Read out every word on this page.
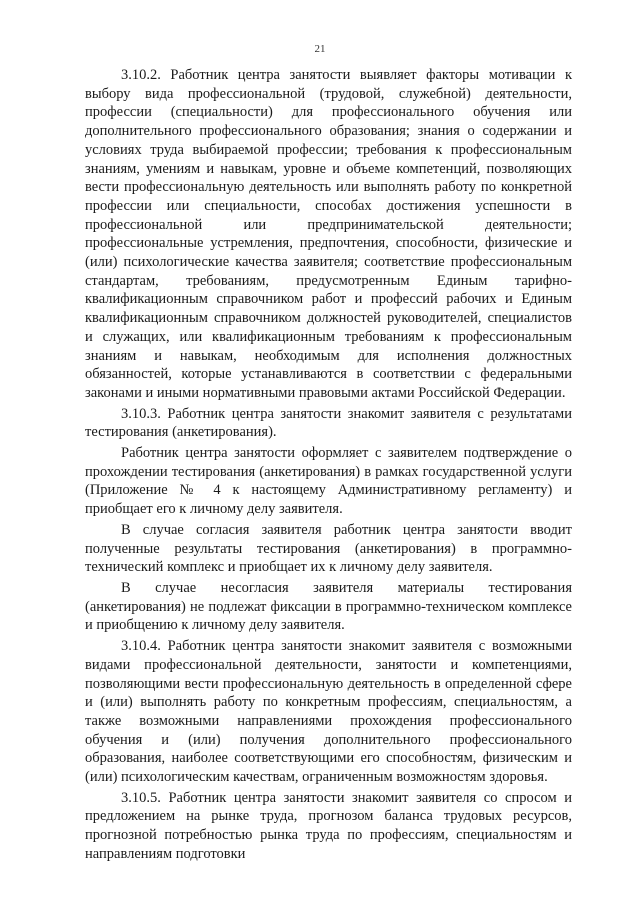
21

3.10.2. Работник центра занятости выявляет факторы мотивации к выбору вида профессиональной (трудовой, служебной) деятельности, профессии (специальности) для профессионального обучения или дополнительного профессионального образования; знания о содержании и условиях труда выбираемой профессии; требования к профессиональным знаниям, умениям и навыкам, уровне и объеме компетенций, позволяющих вести профессиональную деятельность или выполнять работу по конкретной профессии или специальности, способах достижения успешности в профессиональной или предпринимательской деятельности; профессиональные устремления, предпочтения, способности, физические и (или) психологические качества заявителя; соответствие профессиональным стандартам, требованиям, предусмотренным Единым тарифно-квалификационным справочником работ и профессий рабочих и Единым квалификационным справочником должностей руководителей, специалистов и служащих, или квалификационным требованиям к профессиональным знаниям и навыкам, необходимым для исполнения должностных обязанностей, которые устанавливаются в соответствии с федеральными законами и иными нормативными правовыми актами Российской Федерации.

3.10.3. Работник центра занятости знакомит заявителя с результатами тестирования (анкетирования).

Работник центра занятости оформляет с заявителем подтверждение о прохождении тестирования (анкетирования) в рамках государственной услуги (Приложение № 4 к настоящему Административному регламенту) и приобщает его к личному делу заявителя.

В случае согласия заявителя работник центра занятости вводит полученные результаты тестирования (анкетирования) в программно-технический комплекс и приобщает их к личному делу заявителя.

В случае несогласия заявителя материалы тестирования (анкетирования) не подлежат фиксации в программно-техническом комплексе и приобщению к личному делу заявителя.

3.10.4. Работник центра занятости знакомит заявителя с возможными видами профессиональной деятельности, занятости и компетенциями, позволяющими вести профессиональную деятельность в определенной сфере и (или) выполнять работу по конкретным профессиям, специальностям, а также возможными направлениями прохождения профессионального обучения и (или) получения дополнительного профессионального образования, наиболее соответствующими его способностям, физическим и (или) психологическим качествам, ограниченным возможностям здоровья.

3.10.5. Работник центра занятости знакомит заявителя со спросом и предложением на рынке труда, прогнозом баланса трудовых ресурсов, прогнозной потребностью рынка труда по профессиям, специальностям и направлениям подготовки
